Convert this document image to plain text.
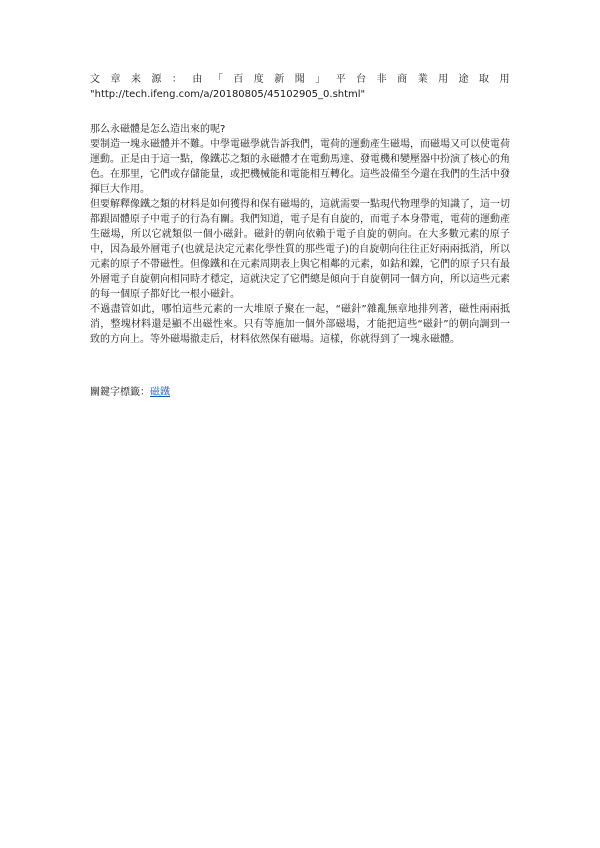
文章来源：由「百度新聞」平台非商業用途取用

"http://tech.ifeng.com/a/20180805/45102905_0.shtml"

那么永磁體是怎么造出來的呢?

要制造一塊永磁體并不難。中學電磁學就告訴我們，電荷的運動產生磁場，而磁場又可以使電荷運動。正是由于這一點，像鐵芯之類的永磁體才在電動馬達、發電機和變壓器中扮演了核心的角色。在那里，它們或存儲能量，或把機械能和電能相互轉化。這些設備至今還在我們的生活中發揮巨大作用。

但要解釋像鐵之類的材料是如何獲得和保有磁場的，這就需要一點現代物理學的知識了，這一切都跟固體原子中電子的行為有關。我們知道，電子是有自旋的，而電子本身帶電，電荷的運動產生磁場，所以它就類似一個小磁針。磁針的朝向依賴于電子自旋的朝向。在大多數元素的原子中，因為最外層電子(也就是決定元素化學性質的那些電子)的自旋朝向往往正好兩兩抵消，所以元素的原子不帶磁性。但像鐵和在元素周期表上與它相鄰的元素，如鈷和鎳，它們的原子只有最外層電子自旋朝向相同時才穩定，這就決定了它們總是傾向于自旋朝同一個方向，所以這些元素的每一個原子都好比一根小磁針。

不過盡管如此，哪怕這些元素的一大堆原子聚在一起，“磁針”雜亂無章地排列著，磁性兩兩抵消，整塊材料還是顯不出磁性來。只有等施加一個外部磁場，才能把這些“磁針”的朝向調到一致的方向上。等外磁場撤走后，材料依然保有磁場。這樣，你就得到了一塊永磁體。

關鍵字標籤：磁鐵
